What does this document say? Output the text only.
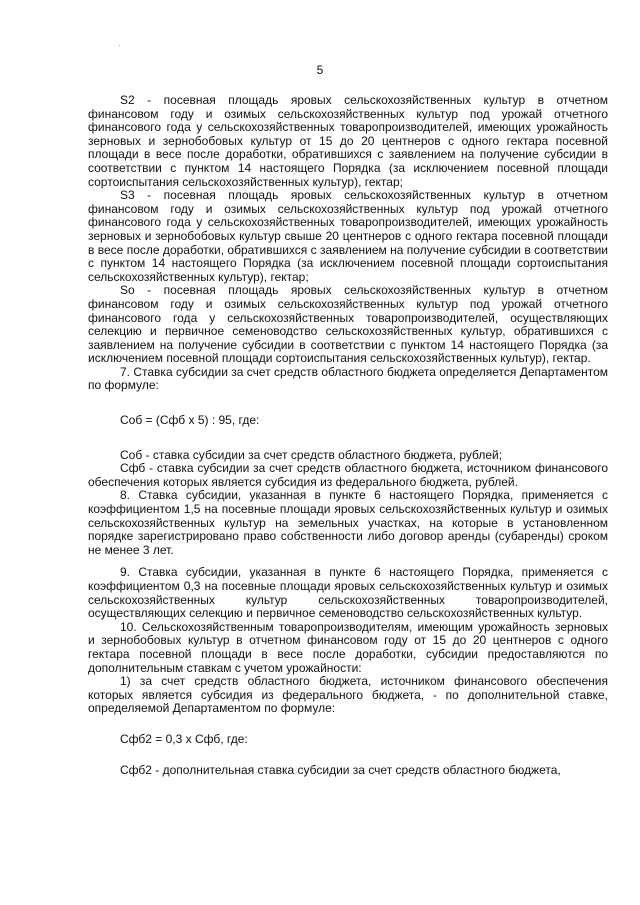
5

S2 - посевная площадь яровых сельскохозяйственных культур в отчетном финансовом году и озимых сельскохозяйственных культур под урожай отчетного финансового года у сельскохозяйственных товаропроизводителей, имеющих урожайность зерновых и зернобобовых культур от 15 до 20 центнеров с одного гектара посевной площади в весе после доработки, обратившихся с заявлением на получение субсидии в соответствии с пунктом 14 настоящего Порядка (за исключением посевной площади сортоиспытания сельскохозяйственных культур), гектар;

S3 - посевная площадь яровых сельскохозяйственных культур в отчетном финансовом году и озимых сельскохозяйственных культур под урожай отчетного финансового года у сельскохозяйственных товаропроизводителей, имеющих урожайность зерновых и зернобобовых культур свыше 20 центнеров с одного гектара посевной площади в весе после доработки, обратившихся с заявлением на получение субсидии в соответствии с пунктом 14 настоящего Порядка (за исключением посевной площади сортоиспытания сельскохозяйственных культур), гектар;

So - посевная площадь яровых сельскохозяйственных культур в отчетном финансовом году и озимых сельскохозяйственных культур под урожай отчетного финансового года у сельскохозяйственных товаропроизводителей, осуществляющих селекцию и первичное семеноводство сельскохозяйственных культур, обратившихся с заявлением на получение субсидии в соответствии с пунктом 14 настоящего Порядка (за исключением посевной площади сортоиспытания сельскохозяйственных культур), гектар.

7. Ставка субсидии за счет средств областного бюджета определяется Департаментом по формуле:

Соб = (Сфб х 5) : 95, где:

Соб - ставка субсидии за счет средств областного бюджета, рублей;

Сфб - ставка субсидии за счет средств областного бюджета, источником финансового обеспечения которых является субсидия из федерального бюджета, рублей.

8. Ставка субсидии, указанная в пункте 6 настоящего Порядка, применяется с коэффициентом 1,5 на посевные площади яровых сельскохозяйственных культур и озимых сельскохозяйственных культур на земельных участках, на которые в установленном порядке зарегистрировано право собственности либо договор аренды (субаренды) сроком не менее 3 лет.

9. Ставка субсидии, указанная в пункте 6 настоящего Порядка, применяется с коэффициентом 0,3 на посевные площади яровых сельскохозяйственных культур и озимых сельскохозяйственных культур сельскохозяйственных товаропроизводителей, осуществляющих селекцию и первичное семеноводство сельскохозяйственных культур.

10. Сельскохозяйственным товаропроизводителям, имеющим урожайность зерновых и зернобобовых культур в отчетном финансовом году от 15 до 20 центнеров с одного гектара посевной площади в весе после доработки, субсидии предоставляются по дополнительным ставкам с учетом урожайности:

1) за счет средств областного бюджета, источником финансового обеспечения которых является субсидия из федерального бюджета, - по дополнительной ставке, определяемой Департаментом по формуле:

Сфб2 = 0,3 х Сфб, где:

Сфб2 - дополнительная ставка субсидии за счет средств областного бюджета,
